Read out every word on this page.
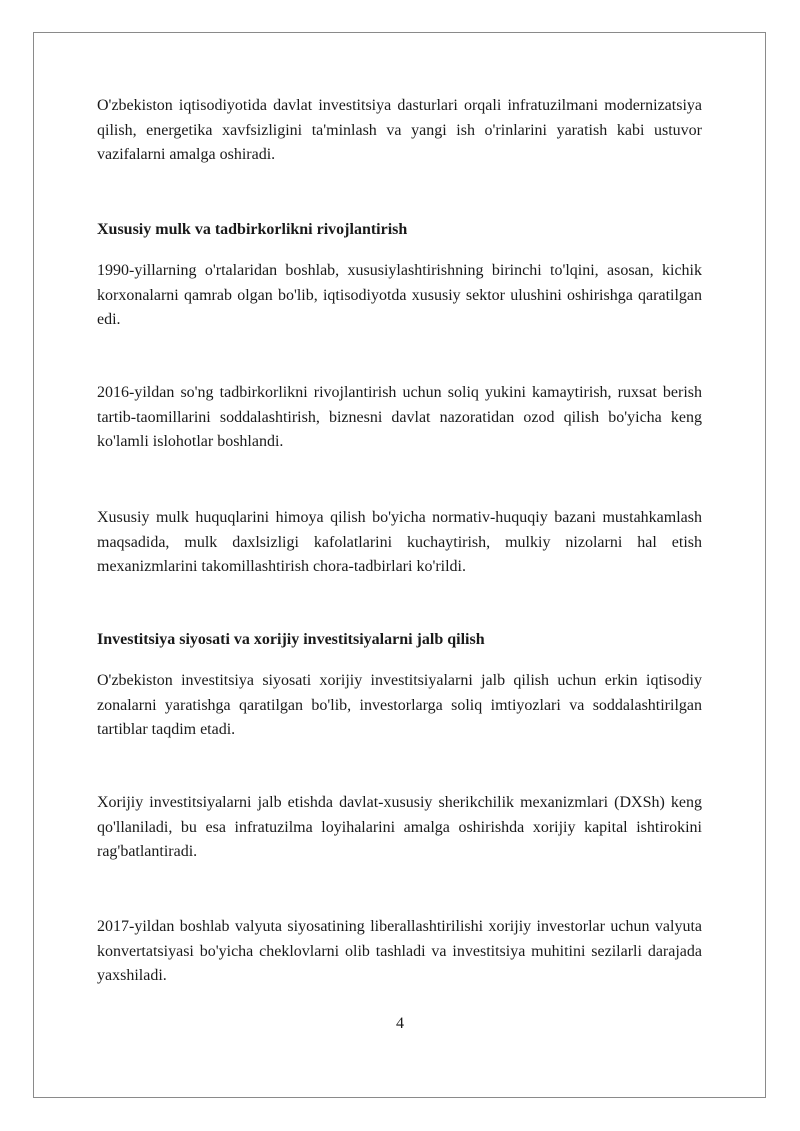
O'zbekiston iqtisodiyotida davlat investitsiya dasturlari orqali infratuzilmani modernizatsiya qilish, energetika xavfsizligini ta'minlash va yangi ish o'rinlarini yaratish kabi ustuvor vazifalarni amalga oshiradi.

Xususiy mulk va tadbirkorlikni rivojlantirish

1990-yillarning o'rtalaridan boshlab, xususiylashtirishning birinchi to'lqini, asosan, kichik korxonalarni qamrab olgan bo'lib, iqtisodiyotda xususiy sektor ulushini oshirishga qaratilgan edi.

2016-yildan so'ng tadbirkorlikni rivojlantirish uchun soliq yukini kamaytirish, ruxsat berish tartib-taomillarini soddalashtirish, biznesni davlat nazoratidan ozod qilish bo'yicha keng ko'lamli islohotlar boshlandi.

Xususiy mulk huquqlarini himoya qilish bo'yicha normativ-huquqiy bazani mustahkamlash maqsadida, mulk daxlsizligi kafolatlarini kuchaytirish, mulkiy nizolarni hal etish mexanizmlarini takomillashtirish chora-tadbirlari ko'rildi.

Investitsiya siyosati va xorijiy investitsiyalarni jalb qilish

O'zbekiston investitsiya siyosati xorijiy investitsiyalarni jalb qilish uchun erkin iqtisodiy zonalarni yaratishga qaratilgan bo'lib, investorlarga soliq imtiyozlari va soddalashtirilgan tartiblar taqdim etadi.

Xorijiy investitsiyalarni jalb etishda davlat-xususiy sherikchilik mexanizmlari (DXSh) keng qo'llaniladi, bu esa infratuzilma loyihalarini amalga oshirishda xorijiy kapital ishtirokini rag'batlantiradi.

2017-yildan boshlab valyuta siyosatining liberallashtirilishi xorijiy investorlar uchun valyuta konvertatsiyasi bo'yicha cheklovlarni olib tashladi va investitsiya muhitini sezilarli darajada yaxshiladi.

4
